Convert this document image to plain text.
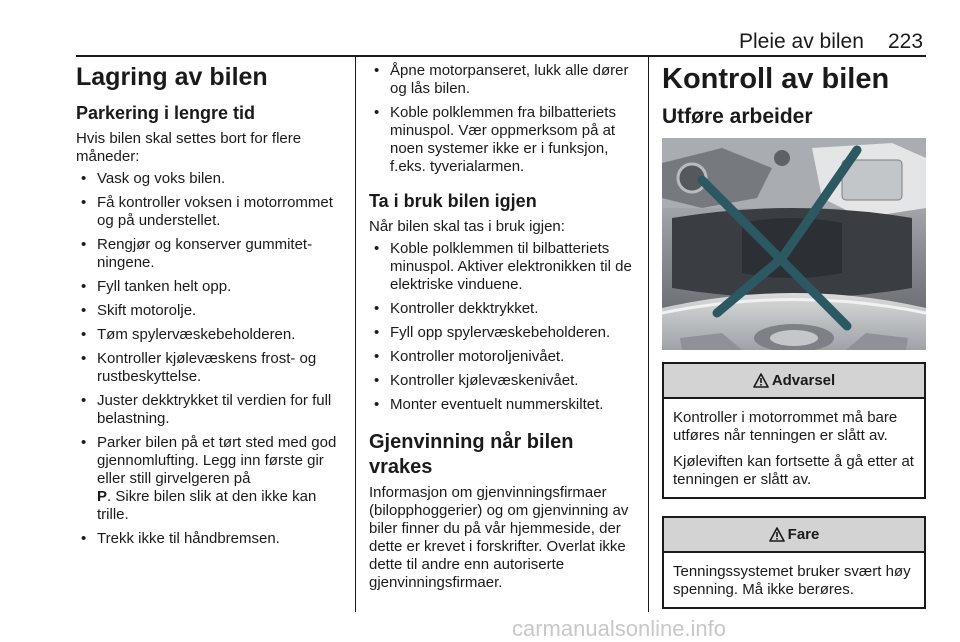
Pleie av bilen 223
Lagring av bilen
Parkering i lengre tid

Hvis bilen skal settes bort for flere måneder:

• Vask og voks bilen.
• Få kontroller voksen i motorrommet og på understellet.
• Rengjør og konserver gummitetningene.
• Fyll tanken helt opp.
• Skift motorolje.
• Tøm spylervæskebeholderen.
• Kontroller kjølevæskens frost- og rustbeskyttelse.
• Juster dekktrykket til verdien for full belastning.
• Parker bilen på et tørt sted med god gjennomlufting. Legg inn første gir eller still girvelgeren på
P. Sikre bilen slik at den ikke kan trille.
• Trekk ikke til håndbremsen.
• Åpne motorpanseret, lukk alle dører og lås bilen.
• Koble polklemmen fra bilbatteriets minuspol. Vær oppmerksom på at noen systemer ikke er i funksjon, f.eks. tyverialarmen.
Ta i bruk bilen igjen

Når bilen skal tas i bruk igjen:

• Koble polklemmen til bilbatteriets minuspol. Aktiver elektronikken til de elektriske vinduene.
• Kontroller dekktrykket.
• Fyll opp spylervæskebeholderen.
• Kontroller motoroljenivået.
• Kontroller kjølevæskenivået.
• Monter eventuelt nummerskiltet.
Gjenvinning når bilen vrakes

Informasjon om gjenvinningsfirmaer (bilopphoggerier) og om gjenvinning av biler finner du på vår hjemmeside, der dette er krevet i forskrifter. Overlat ikke dette til andre enn autoriserte gjenvinningsfirmaer.

Kontroll av bilen
Utføre arbeider
Advarsel

Kontroller i motorrommet må bare utføres når tenningen er slått av.

Kjøleviften kan fortsette å gå etter at tenningen er slått av.

Fare

Tenningssystemet bruker svært høy spenning. Må ikke berøres.

carmanualsonline.info
